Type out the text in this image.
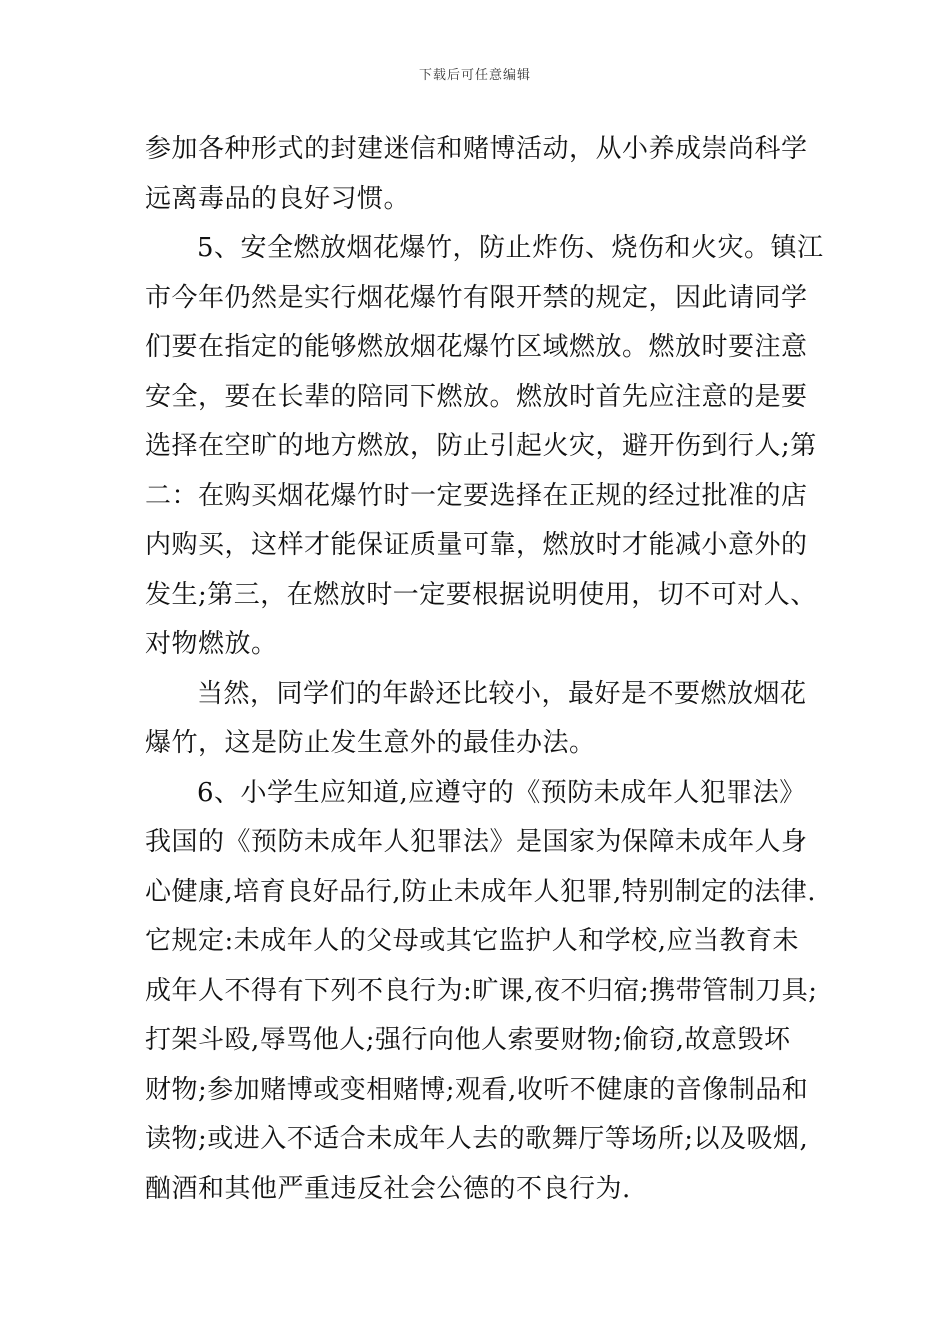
下载后可任意编辑
参加各种形式的封建迷信和赌博活动，从小养成崇尚科学
远离毒品的良好习惯。
5、安全燃放烟花爆竹，防止炸伤、烧伤和火灾。镇江
市今年仍然是实行烟花爆竹有限开禁的规定，因此请同学
们要在指定的能够燃放烟花爆竹区域燃放。燃放时要注意
安全，要在长辈的陪同下燃放。燃放时首先应注意的是要
选择在空旷的地方燃放，防止引起火灾，避开伤到行人;第
二：在购买烟花爆竹时一定要选择在正规的经过批准的店
内购买，这样才能保证质量可靠，燃放时才能减小意外的
发生;第三，在燃放时一定要根据说明使用，切不可对人、
对物燃放。
当然，同学们的年龄还比较小，最好是不要燃放烟花
爆竹，这是防止发生意外的最佳办法。
6、小学生应知道,应遵守的《预防未成年人犯罪法》
我国的《预防未成年人犯罪法》是国家为保障未成年人身
心健康,培育良好品行,防止未成年人犯罪,特别制定的法律.
它规定:未成年人的父母或其它监护人和学校,应当教育未
成年人不得有下列不良行为:旷课,夜不归宿;携带管制刀具;
打架斗殴,辱骂他人;强行向他人索要财物;偷窃,故意毁坏
财物;参加赌博或变相赌博;观看,收听不健康的音像制品和
读物;或进入不适合未成年人去的歌舞厅等场所;以及吸烟,
酗酒和其他严重违反社会公德的不良行为.
